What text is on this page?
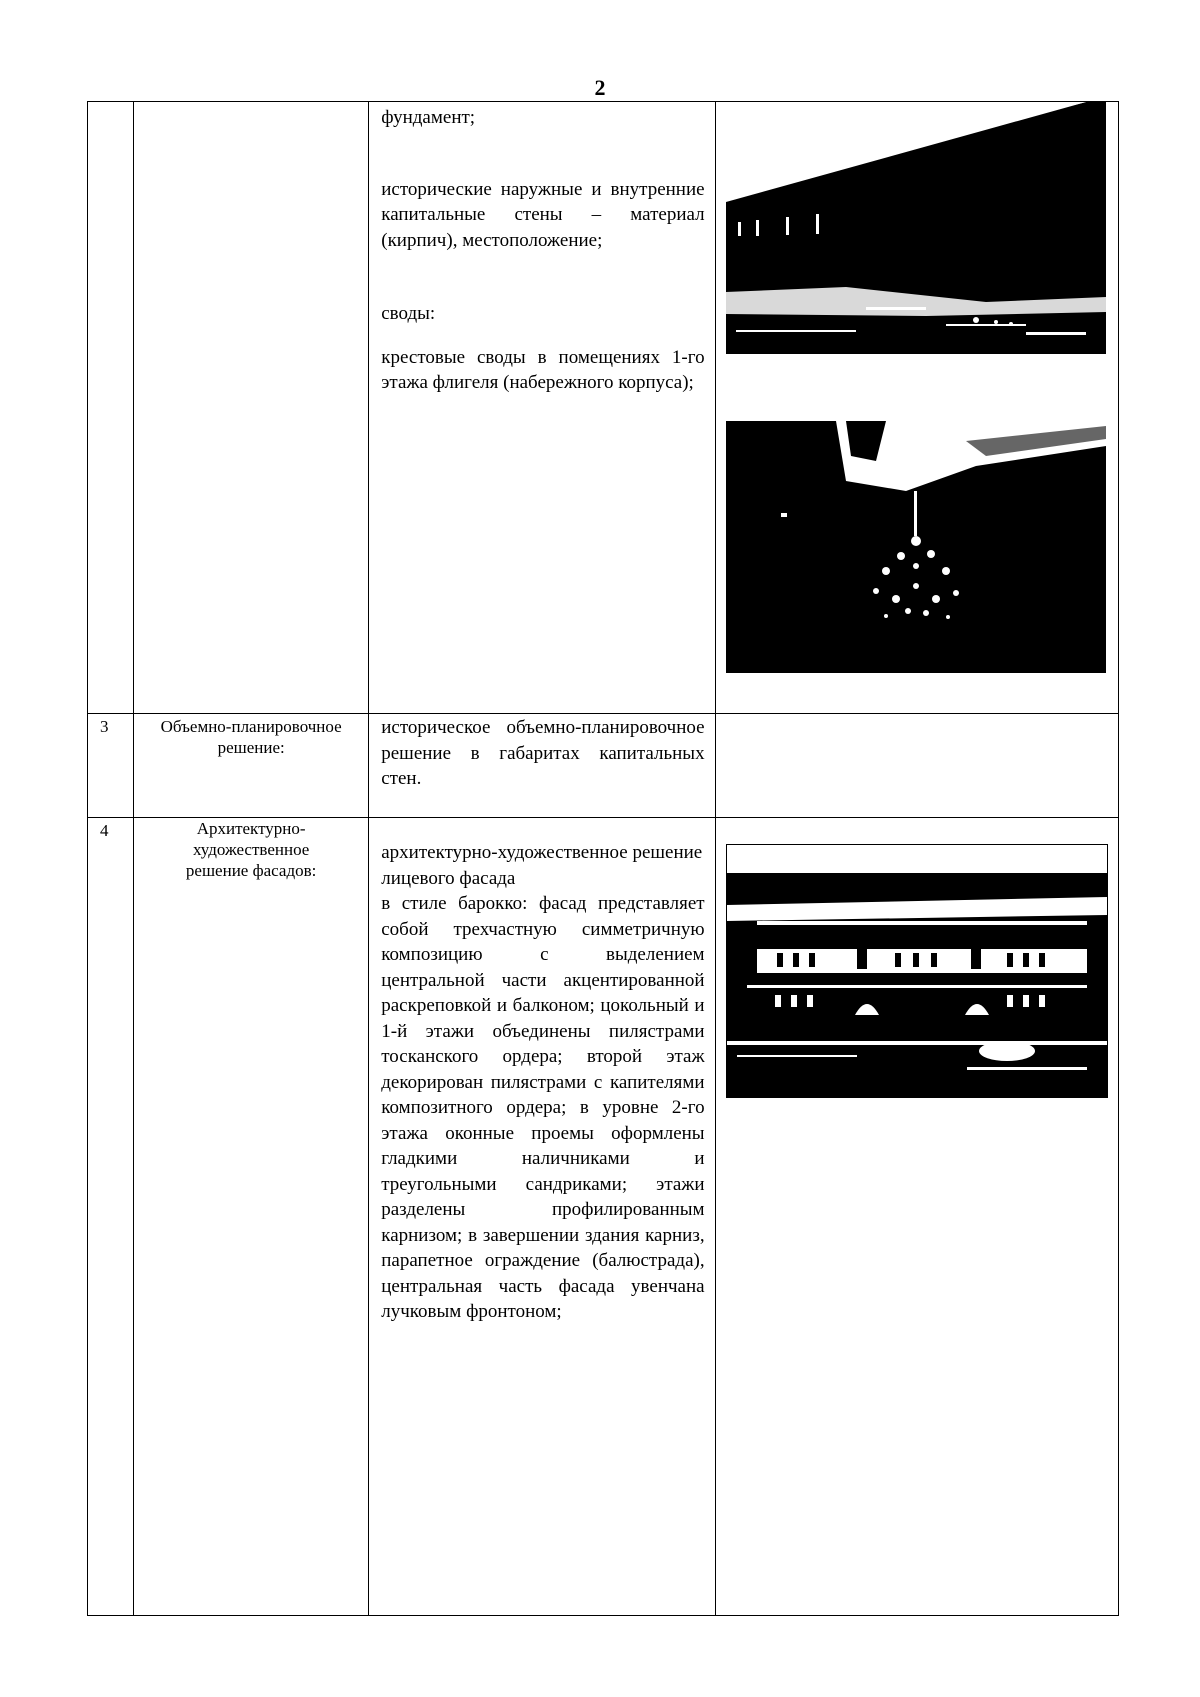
2

		фундамент;

исторические наружные и внутренние капитальные стены – материал (кирпич), местоположение;

своды:

крестовые своды в помещениях 1-го этажа флигеля (набережного корпуса);

3	Объемно-планировочное решение:	историческое объемно-планировочное решение в габаритах капитальных стен.	

4	Архитектурно-художественное решение фасадов:	архитектурно-художественное решение лицевого фасада

в стиле барокко: фасад представляет собой трехчастную симметричную композицию с выделением центральной части акцентированной раскреповкой и балконом; цокольный и 1-й этажи объединены пилястрами тосканского ордера; второй этаж декорирован пилястрами с капителями композитного ордера; в уровне 2-го этажа оконные проемы оформлены гладкими наличниками и треугольными сандриками; этажи разделены профилированным карнизом; в завершении здания карниз, парапетное ограждение (балюстрада), центральная часть фасада увенчана лучковым фронтоном;
